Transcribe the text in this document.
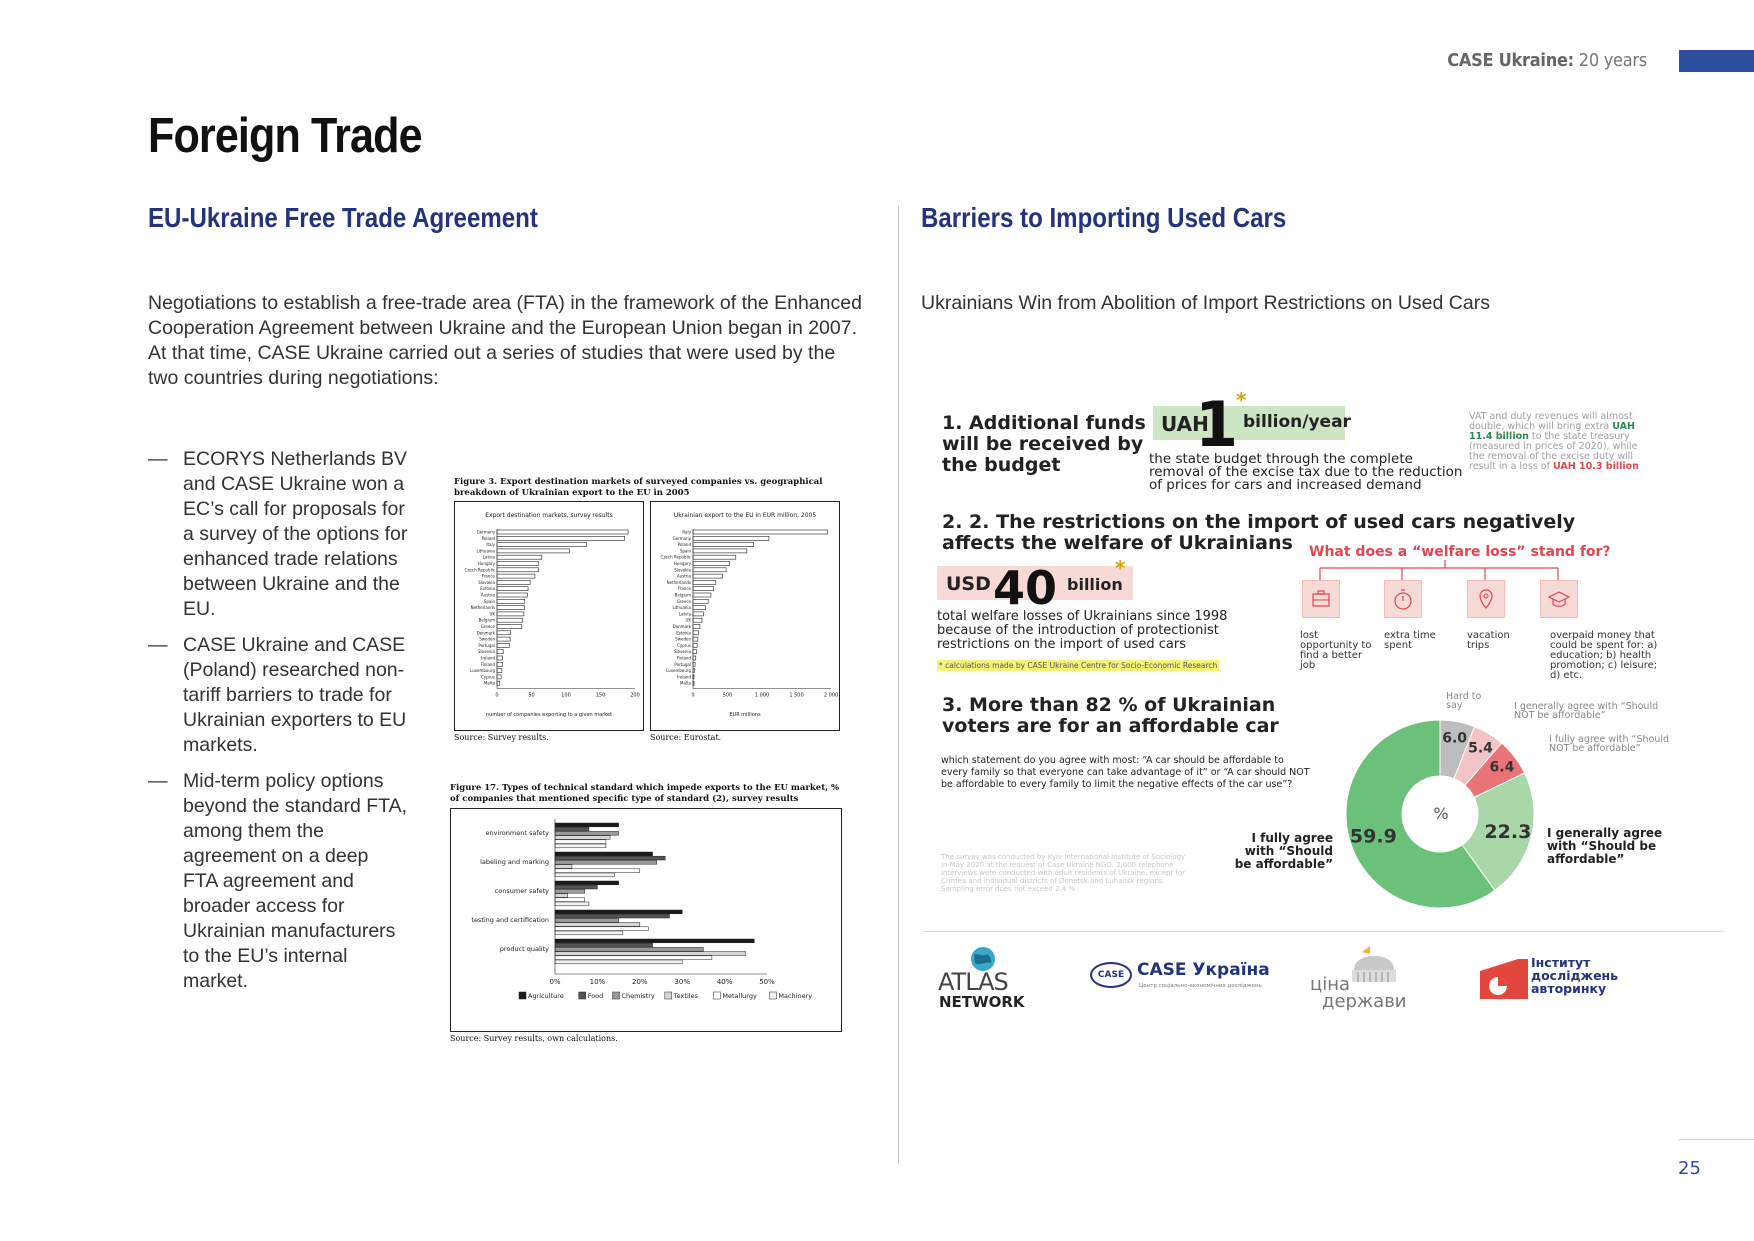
CASE Ukraine: 20 years
Foreign Trade
EU-Ukraine Free Trade Agreement
Negotiations to establish a free-trade area (FTA) in the framework of the Enhanced Cooperation Agreement between Ukraine and the European Union began in 2007. At that time, CASE Ukraine carried out a series of studies that were used by the two countries during negotiations:
— ECORYS Netherlands BV and CASE Ukraine won a EC’s call for proposals for a survey of the options for enhanced trade relations between Ukraine and the EU.
— CASE Ukraine and CASE (Poland) researched non-tariff barriers to trade for Ukrainian exporters to EU markets.
— Mid-term policy options beyond the standard FTA, among them the agreement on a deep FTA agreement and broader access for Ukrainian manufacturers to the EU’s internal market.
Figure 3. Export destination markets of surveyed companies vs. geographical breakdown of Ukrainian export to the EU in 2005
Export destination markets, survey results
Germany
Poland
Italy
Lithuania
Latvia
Hungary
Czech Republic
France
Slovakia
Estonia
Austria
Spain
Netherlands
UK
Belgium
Greece
Denmark
Sweden
Portugal
Slovenia
Ireland
Finland
Luxembourg
Cyprus
Malta
0	50	100	150	200
number of companies exporting to a given market
Source: Survey results.
Ukrainian export to the EU in EUR million, 2005
Italy
Germany
Poland
Spain
Czech Republic
Hungary
Slovakia
Austria
Netherlands
France
Belgium
Greece
Lithuania
Latvia
UK
Denmark
Estonia
Sweden
Cyprus
Slovenia
Finland
Portugal
Luxembourg
Ireland
Malta
0	500	1 000	1 500	2 000
EUR millions
Source: Eurostat.
Figure 17. Types of technical standard which impede exports to the EU market, % of companies that mentioned specific type of standard (2), survey results
environment safety
labeling and marking
consumer safety
testing and certification
product quality
0%	10%	20%	30%	40%	50%
Agriculture	Food	Chemistry	Textiles	Metallurgy	Machinery
Source: Survey results, own calculations.
Barriers to Importing Used Cars
Ukrainians Win from Abolition of Import Restrictions on Used Cars
1. Additional funds will be received by the budget
UAH
1
*
billion/year
the state budget through the complete removal of the excise tax due to the reduction of prices for cars and increased demand
VAT and duty revenues will almost double, which will bring extra UAH 11.4 billion to the state treasury (measured in prices of 2020), while the removal of the excise duty will result in a loss of UAH 10.3 billion
2. 2. The restrictions on the import of used cars negatively affects the welfare of Ukrainians	What does a “welfare loss” stand for?
USD 40	*
billion
total welfare losses of Ukrainians since 1998 because of the introduction of protectionist restrictions on the import of used cars
* calculations made by CASE Ukraine Centre for Socio-Economic Research
lost opportunity to find a better job
extra time spent
vacation trips
overpaid money that could be spent for: a) education; b) health promotion; c) leisure; d) etc.
3. More than 82 % of Ukrainian voters are for an affordable car
which statement do you agree with most: “A car should be affordable to every family so that everyone can take advantage of it” or “A car should NOT be affordable to every family to limit the negative effects of the car use”?
The survey was conducted by Kyiv International Institute of Sociology in May 2020 at the request of Case Ukraine NGO. 2,000 telephone interviews were conducted with adult residents of Ukraine, except for Crimea and individual districts of Donetsk and Luhansk regions. Sampling error does not exceed 2.4 %
6.0
5.4
6.4
22.3
59.9
%
Hard to say	I generally agree with “Should NOT be affordable”
I fully agree with “Should NOT be affordable”
I generally agree with “Should be affordable”
I fully agree with “Should be affordable”
ATLAS
NETWORK
CASE CASE Україна
Центр соціально-економічних досліджень	ціна
держави
Інститут
досліджень
авторинку
25
